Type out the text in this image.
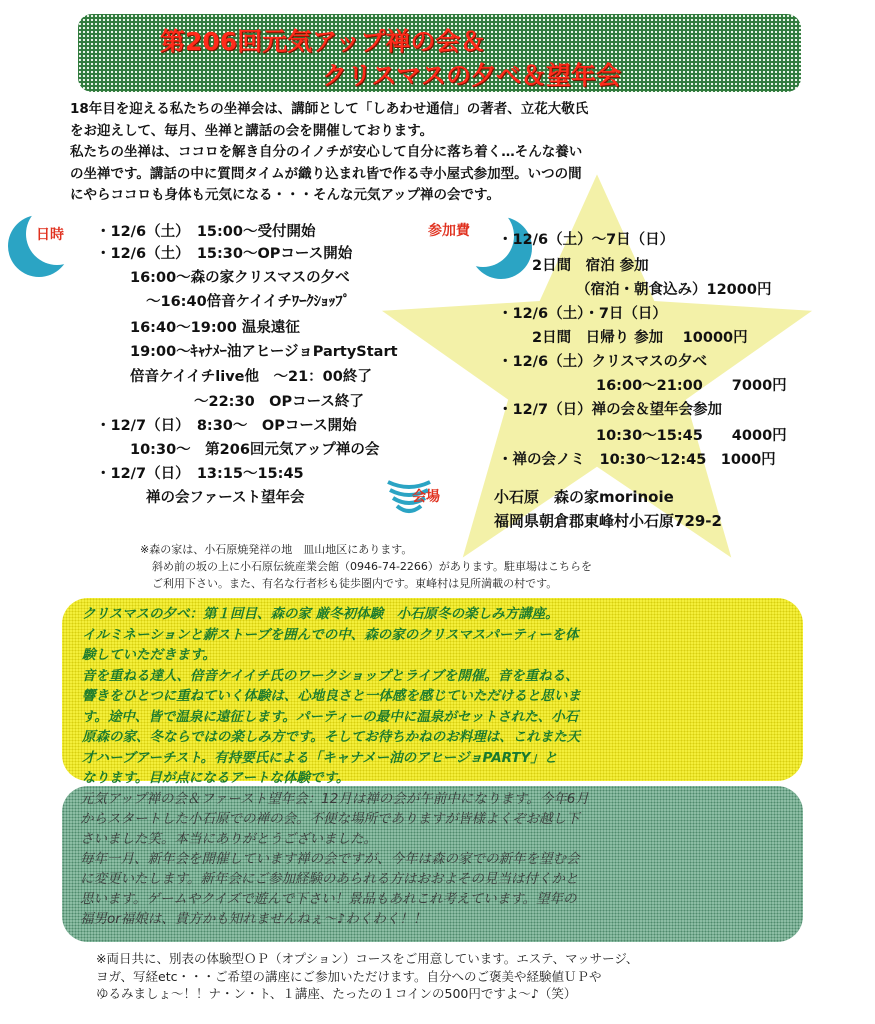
第206回元気アップ禅の会＆
クリスマスの夕べ＆望年会

18年目を迎える私たちの坐禅会は、講師として「しあわせ通信」の著者、立花大敬氏

をお迎えして、毎月、坐禅と講話の会を開催しております。

私たちの坐禅は、ココロを解き自分のイノチが安心して自分に落ち着く…そんな養い

の坐禅です。講話の中に質問タイムが織り込まれ皆で作る寺小屋式参加型。いつの間

にやらココロも身体も元気になる・・・そんな元気アップ禅の会です。

日時	参加費
・12/6（土）　15:00～受付開始
・12/6（土）　15:30～OPコース開始
16:00～森の家クリスマスの夕べ
～16:40倍音ケイイチﾜｰｸｼｮｯﾌﾟ
16:40～19:00 温泉遠征
19:00～ｷｬﾅﾒｰ油アヒージョPartyStart
倍音ケイイチlive他　～21：00終了
～22:30　OPコース終了
・12/7（日）　8:30～　OPコース開始
10:30～　第206回元気アップ禅の会
・12/7（日）　13:15～15:45
禅の会ファースト望年会
・12/6（土）～7日（日）
2日間　宿泊 参加
（宿泊・朝食込み）12000円
・12/6（土）・7日（日）
2日間　日帰り 参加　 10000円
・12/6（土）クリスマスの夕べ
16:00～21:00　　7000円
・12/7（日）禅の会＆望年会参加
10:30～15:45　　4000円
・禅の会ノミ　10:30～12:45　1000円
会場	小石原　森の家morinoie
福岡県朝倉郡東峰村小石原729-2
※森の家は、小石原焼発祥の地　皿山地区にあります。
斜め前の坂の上に小石原伝統産業会館（0946-74-2266）があります。駐車場はこちらを
ご利用下さい。また、有名な行者杉も徒歩圏内です。東峰村は見所満載の村です。

クリスマスの夕べ：第１回目、森の家 厳冬初体験　小石原冬の楽しみ方講座。

イルミネーションと薪ストーブを囲んでの中、森の家のクリスマスパーティーを体

験していただきます。

音を重ねる達人、倍音ケイイチ氏のワークショップとライブを開催。音を重ねる、

響きをひとつに重ねていく体験は、心地良さと一体感を感じていただけると思いま

す。途中、皆で温泉に遠征します。パーティーの最中に温泉がセットされた、小石

原森の家、冬ならではの楽しみ方です。そしてお待ちかねのお料理は、これまた天

才ハーブアーチスト。有持要氏による「キャナメー油のアヒージョPARTY」と

なります。目が点になるアートな体験です。

元気アップ禅の会＆ファースト望年会：12月は禅の会が午前中になります。今年6月

からスタートした小石原での禅の会。不便な場所でありますが皆様よくぞお越し下

さいました笑。本当にありがとうございました。

毎年一月、新年会を開催しています禅の会ですが、今年は森の家での新年を望む会

に変更いたします。新年会にご参加経験のあられる方はおおよその見当は付くかと

思います。ゲームやクイズで遊んで下さい！景品もあれこれ考えています。望年の

福男or福娘は、貴方かも知れませんねぇ～♪わくわく！！

※両日共に、別表の体験型ＯＰ（オプション）コースをご用意しています。エステ、マッサージ、

ヨガ、写経etc・・・ご希望の講座にご参加いただけます。自分へのご褒美や経験値ＵＰや

ゆるみましょ～！！ナ・ン・ト、１講座、たったの１コインの500円ですよ～♪（笑）
